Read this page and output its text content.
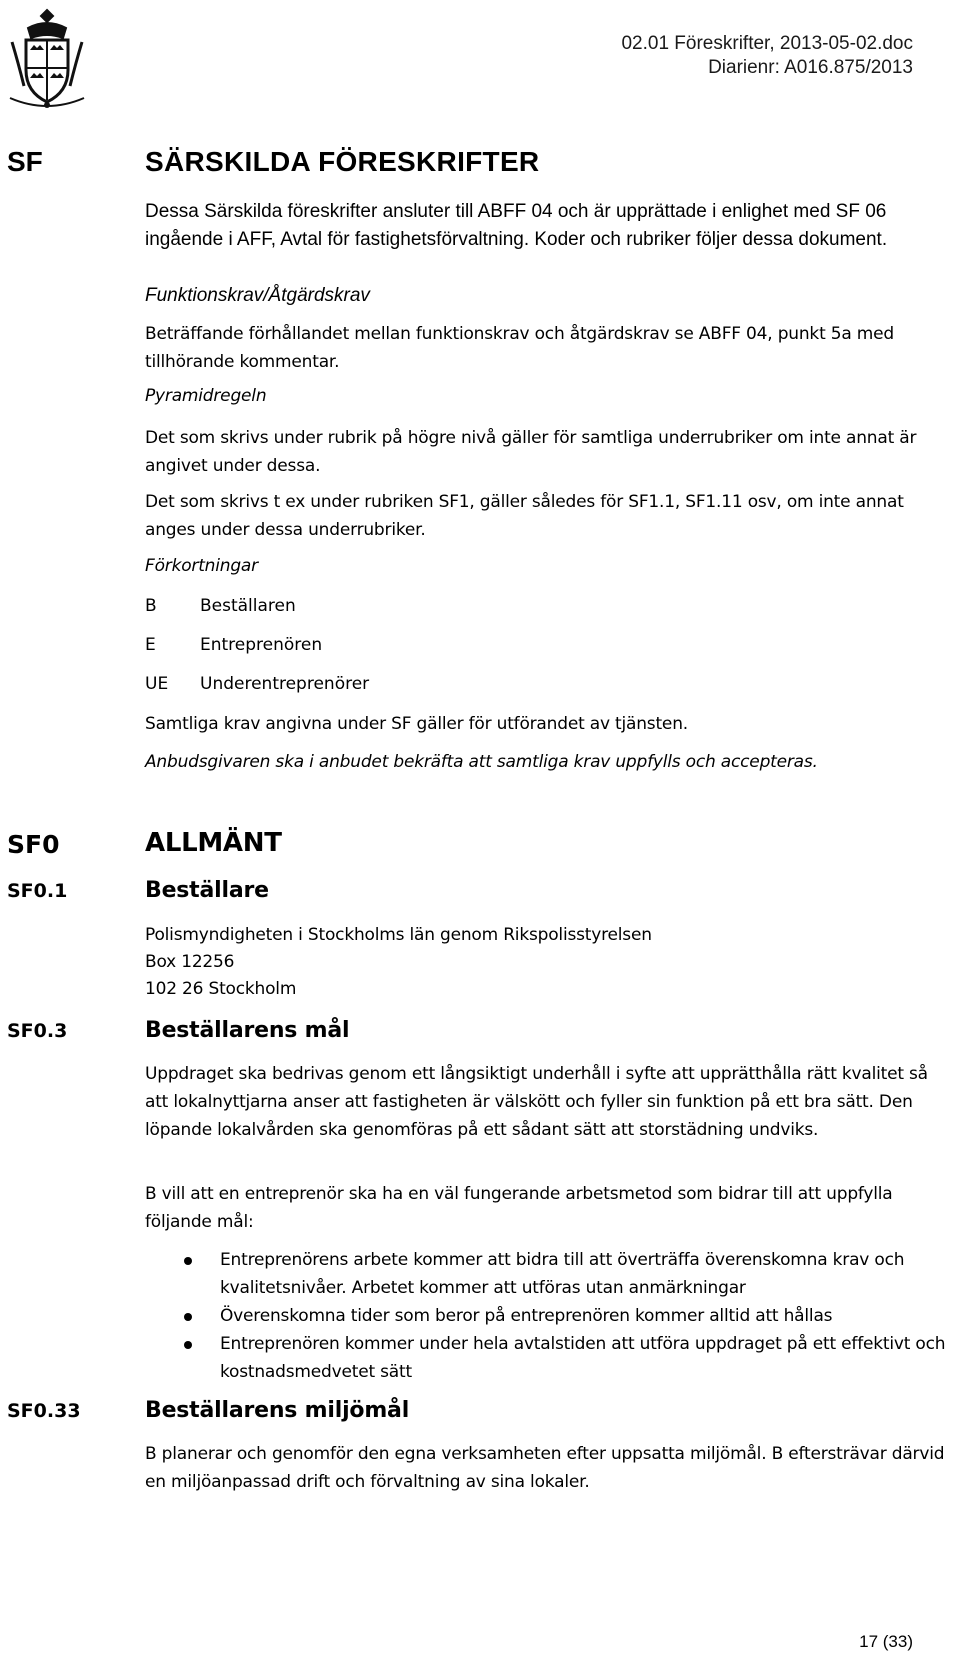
02.01 Föreskrifter, 2013-05-02.doc
Diarienr: A016.875/2013
SF	SÄRSKILDA FÖRESKRIFTER
Dessa Särskilda föreskrifter ansluter till ABFF 04 och är upprättade i enlighet med SF 06 ingående i AFF, Avtal för fastighetsförvaltning. Koder och rubriker följer dessa dokument.
Funktionskrav/Åtgärdskrav
Beträffande förhållandet mellan funktionskrav och åtgärdskrav se ABFF 04, punkt 5a med tillhörande kommentar.
Pyramidregeln
Det som skrivs under rubrik på högre nivå gäller för samtliga underrubriker om inte annat är angivet under dessa.
Det som skrivs t ex under rubriken SF1, gäller således för SF1.1, SF1.11 osv, om inte annat anges under dessa underrubriker.
Förkortningar
B	Beställaren
E	Entreprenören
UE Underentreprenörer
Samtliga krav angivna under SF gäller för utförandet av tjänsten.
Anbudsgivaren ska i anbudet bekräfta att samtliga krav uppfylls och accepteras.
SF0	ALLMÄNT
SF0.1	Beställare
Polismyndigheten i Stockholms län genom Rikspolisstyrelsen
Box 12256
102 26 Stockholm
SF0.3	Beställarens mål
Uppdraget ska bedrivas genom ett långsiktigt underhåll i syfte att upprätthålla rätt kvalitet så att lokalnyttjarna anser att fastigheten är välskött och fyller sin funktion på ett bra sätt. Den löpande lokalvården ska genomföras på ett sådant sätt att storstädning undviks.
B vill att en entreprenör ska ha en väl fungerande arbetsmetod som bidrar till att uppfylla följande mål:
Entreprenörens arbete kommer att bidra till att överträffa överenskomna krav och kvalitetsnivåer. Arbetet kommer att utföras utan anmärkningar
Överenskomna tider som beror på entreprenören kommer alltid att hållas
Entreprenören kommer under hela avtalstiden att utföra uppdraget på ett effektivt och kostnadsmedvetet sätt
SF0.33	Beställarens miljömål
B planerar och genomför den egna verksamheten efter uppsatta miljömål. B eftersträvar därvid en miljöanpassad drift och förvaltning av sina lokaler.
17 (33)
